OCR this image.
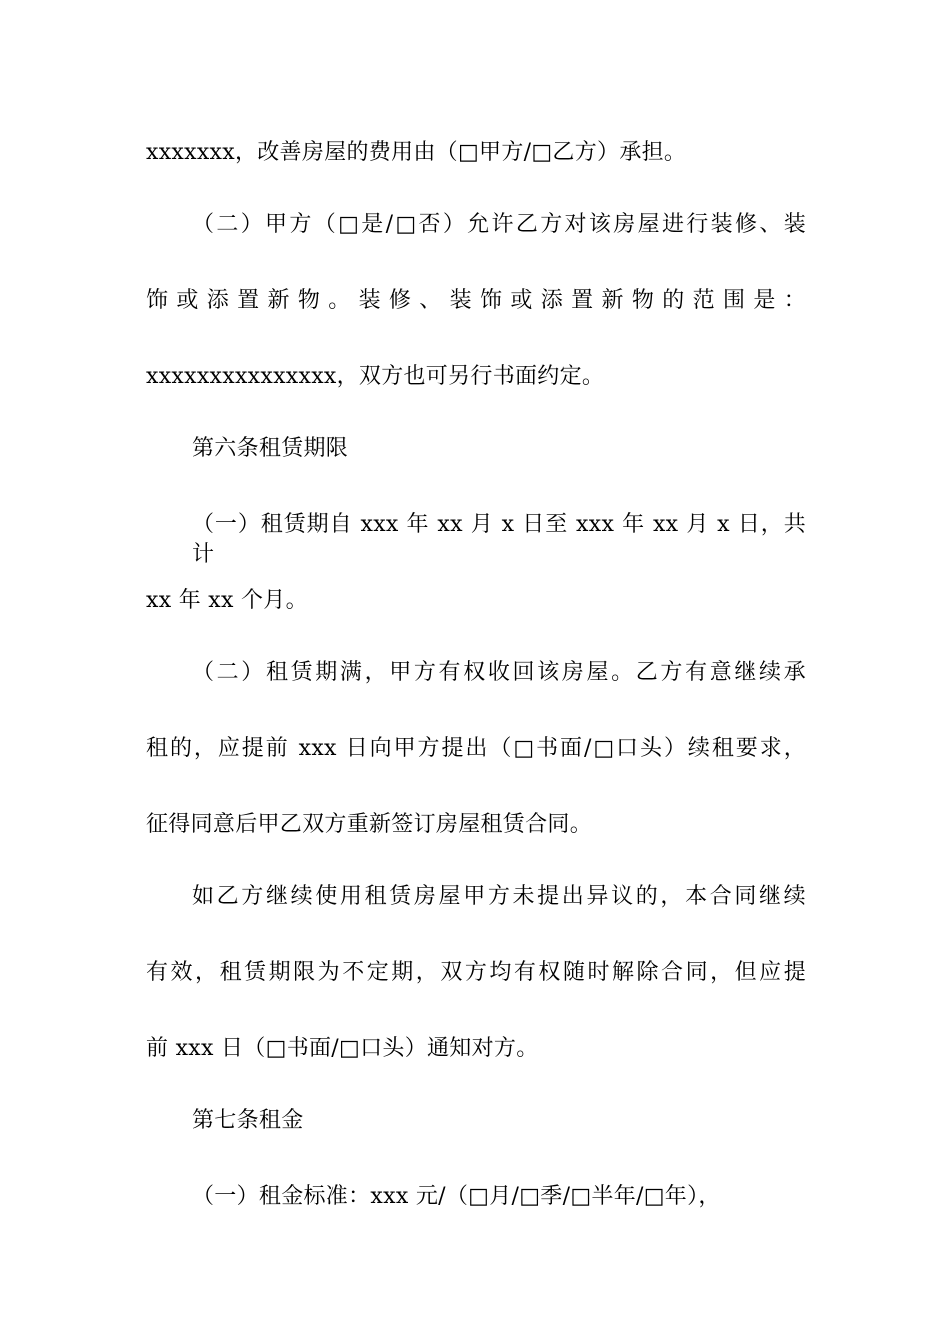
xxxxxxx，改善房屋的费用由（□甲方/□乙方）承担。
（二）甲方（□是/□否）允许乙方对该房屋进行装修、装
饰或添置新物。装修、装饰或添置新物的范围是：
xxxxxxxxxxxxxxx，双方也可另行书面约定。
第六条租赁期限
（一）租赁期自 xxx 年 xx 月 x 日至 xxx 年 xx 月 x 日，共计
xx 年 xx 个月。
（二）租赁期满，甲方有权收回该房屋。乙方有意继续承
租的，应提前 xxx 日向甲方提出（□书面/□口头）续租要求，
征得同意后甲乙双方重新签订房屋租赁合同。
如乙方继续使用租赁房屋甲方未提出异议的，本合同继续
有效，租赁期限为不定期，双方均有权随时解除合同，但应提
前 xxx 日（□书面/□口头）通知对方。
第七条租金
（一）租金标准：xxx 元/（□月/□季/□半年/□年），
